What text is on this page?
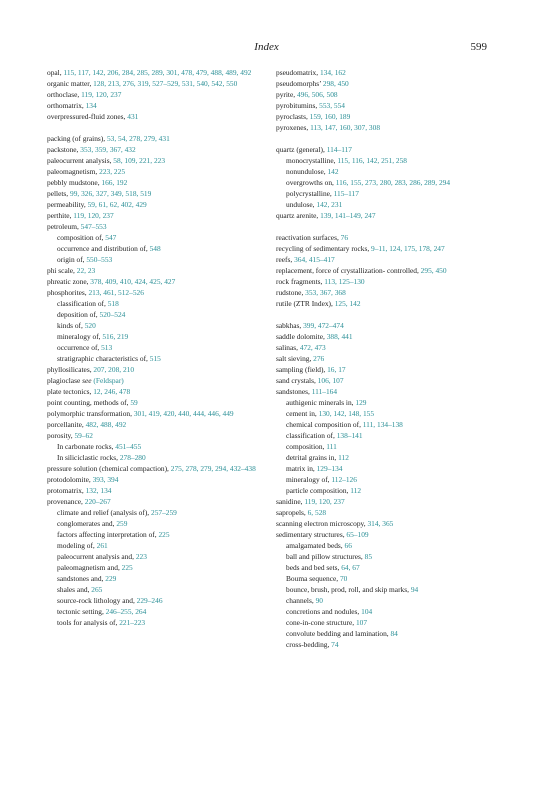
Index	599
opal, 115, 117, 142, 206, 284, 285, 289, 301, 478, 479, 488, 489, 492
organic matter, 128, 213, 276, 319, 527–529, 531, 540, 542, 550
orthoclase, 119, 120, 237
orthomatrix, 134
overpressured-fluid zones, 431
packing (of grains), 53, 54, 278, 279, 431
packstone, 353, 359, 367, 432
paleocurrent analysis, 58, 109, 221, 223
paleomagnetism, 223, 225
pebbly mudstone, 166, 192
pellets, 99, 326, 327, 349, 518, 519
permeability, 59, 61, 62, 402, 429
perthite, 119, 120, 237
petroleum, 547–553
composition of, 547
occurrence and distribution of, 548
origin of, 550–553
phi scale, 22, 23
phreatic zone, 378, 409, 410, 424, 425, 427
phosphorites, 213, 461, 512–526
classification of, 518
deposition of, 520–524
kinds of, 520
mineralogy of, 516, 219
occurrence of, 513
stratigraphic characteristics of, 515
phyllosilicates, 207, 208, 210
plagioclase see (Feldspar)
plate tectonics, 12, 246, 478
point counting, methods of, 59
polymorphic transformation, 301, 419, 420, 440, 444, 446, 449
porcellanite, 482, 488, 492
porosity, 59–62
In carbonate rocks, 451–455
In siliciclastic rocks, 278–280
pressure solution (chemical compaction), 275, 278, 279, 294, 432–438
protodolomite, 393, 394
protomatrix, 132, 134
provenance, 220–267
climate and relief (analysis of), 257–259
conglomerates and, 259
factors affecting interpretation of, 225
modeling of, 261
paleocurrent analysis and, 223
paleomagnetism and, 225
sandstones and, 229
shales and, 265
source-rock lithology and, 229–246
tectonic setting, 246–255, 264
tools for analysis of, 221–223
pseudomatrix, 134, 162
pseudomorphs’ 298, 450
pyrite, 496, 506, 508
pyrobitumins, 553, 554
pyroclasts, 159, 160, 189
pyroxenes, 113, 147, 160, 307, 308
quartz (general), 114–117
monocrystalline, 115, 116, 142, 251, 258
nonundulose, 142
overgrowths on, 116, 155, 273, 280, 283, 286, 289, 294
polycrystalline, 115–117
undulose, 142, 231
quartz arenite, 139, 141–149, 247
reactivation surfaces, 76
recycling of sedimentary rocks, 9–11, 124, 175, 178, 247
reefs, 364, 415–417
replacement, force of crystallization- controlled, 295, 450
rock fragments, 113, 125–130
rudstone, 353, 367, 368
rutile (ZTR Index), 125, 142
sabkhas, 399, 472–474
saddle dolomite, 388, 441
salinas, 472, 473
salt sieving, 276
sampling (field), 16, 17
sand crystals, 106, 107
sandstones, 111–164
authigenic minerals in, 129
cement in, 130, 142, 148, 155
chemical composition of, 111, 134–138
classification of, 138–141
composition, 111
detrital grains in, 112
matrix in, 129–134
mineralogy of, 112–126
particle composition, 112
sanidine, 119, 120, 237
sapropels, 6, 528
scanning electron microscopy, 314, 365
sedimentary structures, 65–109
amalgamated beds, 66
ball and pillow structures, 85
beds and bed sets, 64, 67
Bouma sequence, 70
bounce, brush, prod, roll, and skip marks, 94
channels, 90
concretions and nodules, 104
cone-in-cone structure, 107
convolute bedding and lamination, 84
cross-bedding, 74
